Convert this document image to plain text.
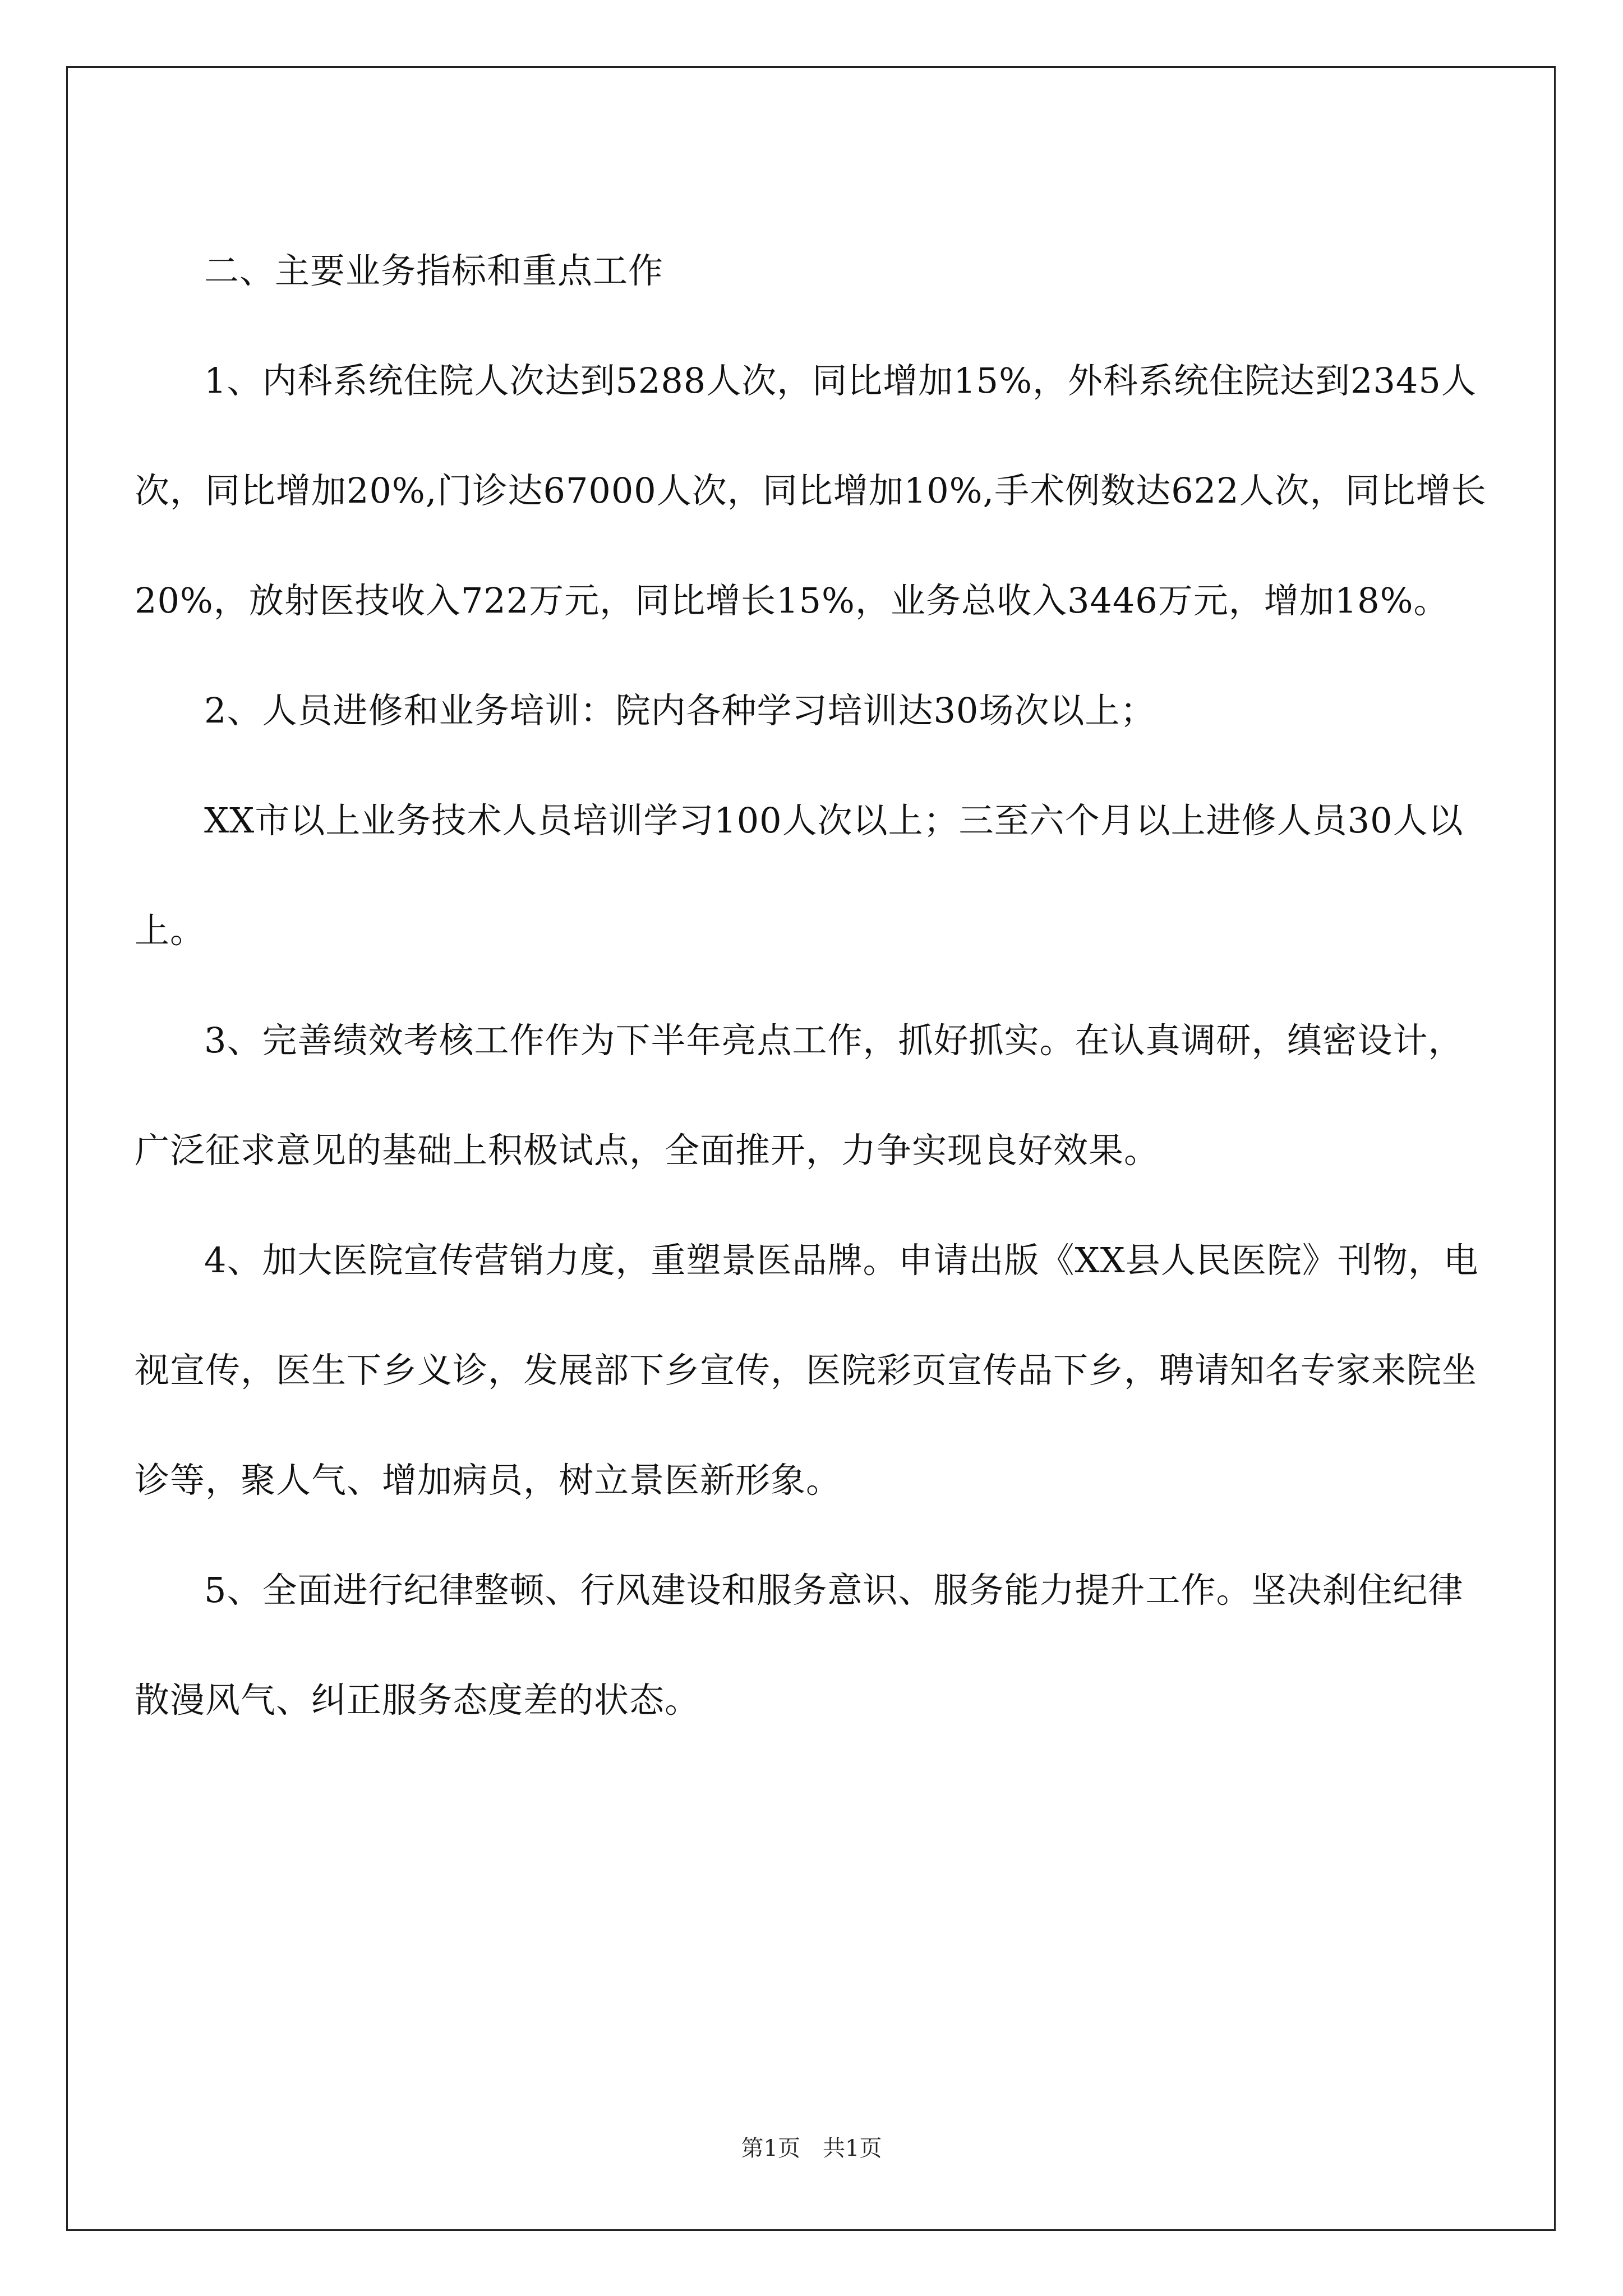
二、主要业务指标和重点工作

1、内科系统住院人次达到5288人次，同比增加15%，外科系统住院达到2345人次，同比增加20%,门诊达67000人次，同比增加10%,手术例数达622人次，同比增长20%，放射医技收入722万元，同比增长15%，业务总收入3446万元，增加18%。

2、人员进修和业务培训：院内各种学习培训达30场次以上；

XX市以上业务技术人员培训学习100人次以上；三至六个月以上进修人员30人以上。

3、完善绩效考核工作作为下半年亮点工作，抓好抓实。在认真调研，缜密设计，广泛征求意见的基础上积极试点，全面推开，力争实现良好效果。

4、加大医院宣传营销力度，重塑景医品牌。申请出版《XX县人民医院》刊物，电视宣传，医生下乡义诊，发展部下乡宣传，医院彩页宣传品下乡，聘请知名专家来院坐诊等，聚人气、增加病员，树立景医新形象。

5、全面进行纪律整顿、行风建设和服务意识、服务能力提升工作。坚决刹住纪律散漫风气、纠正服务态度差的状态。

第1页　共1页
